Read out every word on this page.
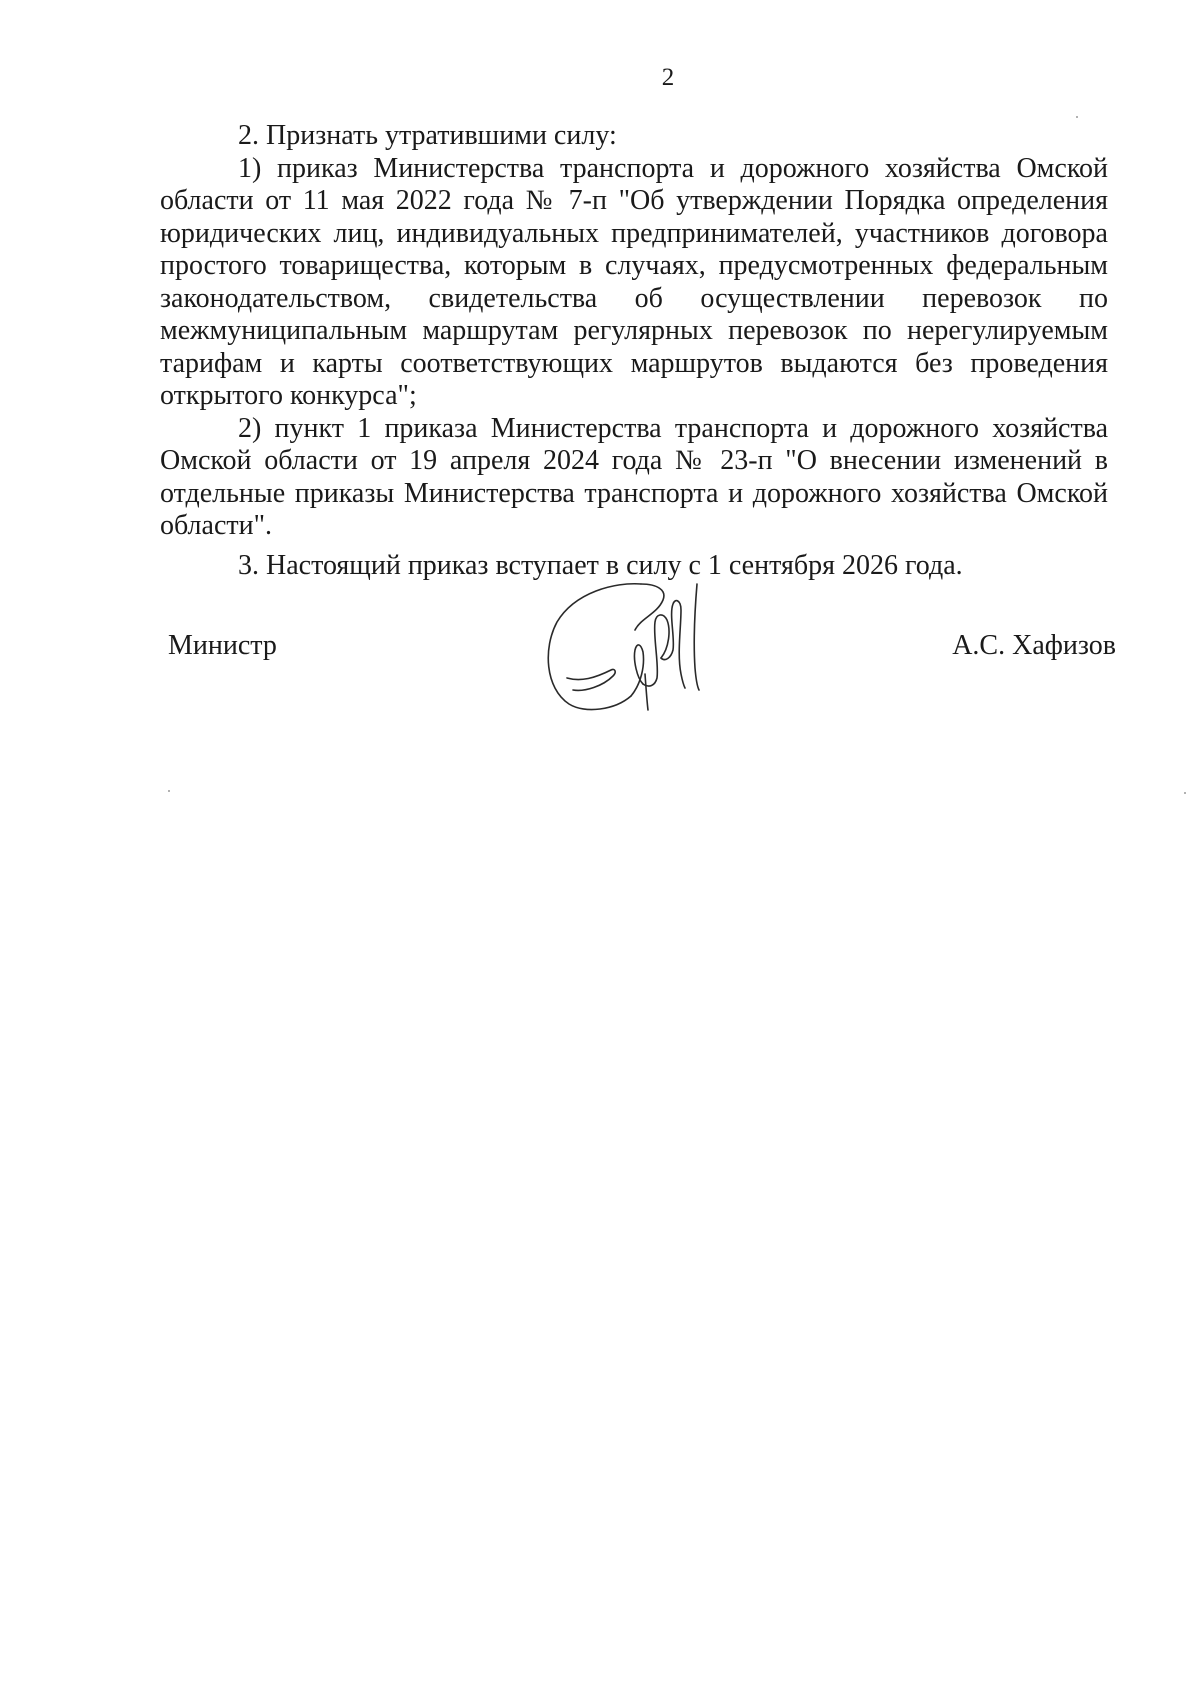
2

2. Признать утратившими силу:

1) приказ Министерства транспорта и дорожного хозяйства Омской области от 11 мая 2022 года № 7-п "Об утверждении Порядка определения юридических лиц, индивидуальных предпринимателей, участников договора простого товарищества, которым в случаях, предусмотренных федеральным законодательством, свидетельства об осуществлении перевозок по межмуниципальным маршрутам регулярных перевозок по нерегулируемым тарифам и карты соответствующих маршрутов выдаются без проведения открытого конкурса";

2) пункт 1 приказа Министерства транспорта и дорожного хозяйства Омской области от 19 апреля 2024 года № 23-п "О внесении изменений в отдельные приказы Министерства транспорта и дорожного хозяйства Омской области".

3. Настоящий приказ вступает в силу с 1 сентября 2026 года.

Министр	А.С. Хафизов
